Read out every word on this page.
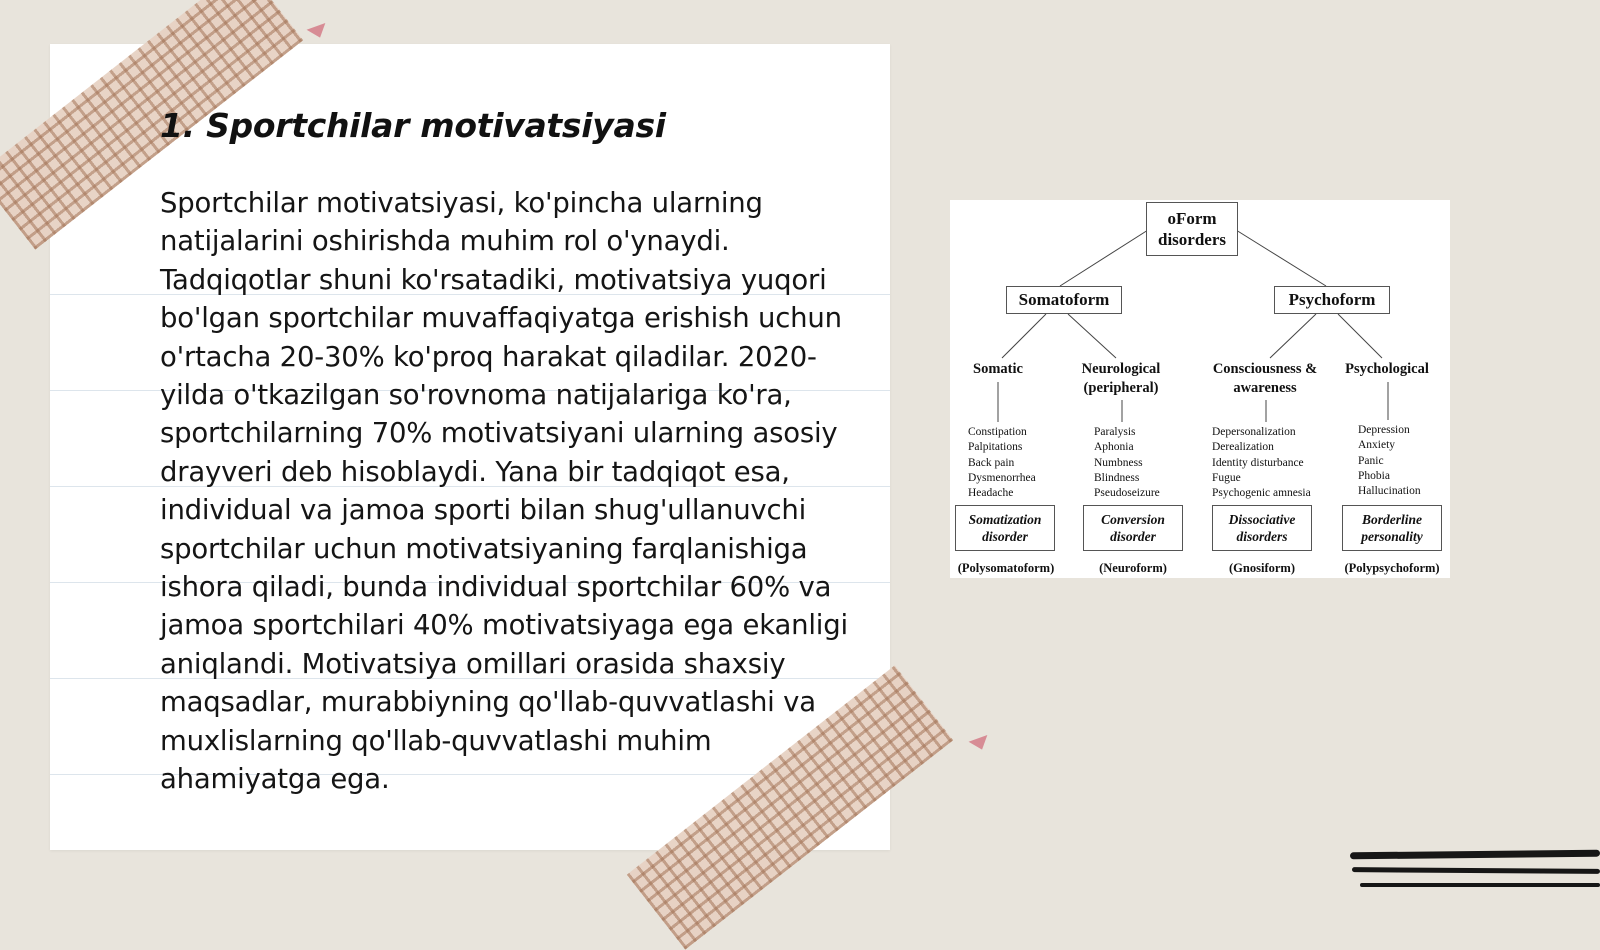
1. Sportchilar motivatsiyasi

Sportchilar motivatsiyasi, ko'pincha ularning natijalarini oshirishda muhim rol o'ynaydi. Tadqiqotlar shuni ko'rsatadiki, motivatsiya yuqori bo'lgan sportchilar muvaffaqiyatga erishish uchun o'rtacha 20-30% ko'proq harakat qiladilar. 2020-yilda o'tkazilgan so'rovnoma natijalariga ko'ra, sportchilarning 70% motivatsiyani ularning asosiy drayveri deb hisoblaydi. Yana bir tadqiqot esa, individual va jamoa sporti bilan shug'ullanuvchi sportchilar uchun motivatsiyaning farqlanishiga ishora qiladi, bunda individual sportchilar 60% va jamoa sportchilari 40% motivatsiyaga ega ekanligi aniqlandi. Motivatsiya omillari orasida shaxsiy maqsadlar, murabbiyning qo'llab-quvvatlashi va muxlislarning qo'llab-quvvatlashi muhim ahamiyatga ega.

oForm disorders
Somatoform	Psychoform
Somatic	Neurological (peripheral)
Consciousness & awareness
Psychological
Constipation
Palpitations
Back pain
Dysmenorrhea
Headache
Paralysis
Aphonia
Numbness
Blindness
Pseudoseizure
Depersonalization
Derealization
Identity disturbance
Fugue
Psychogenic amnesia
Depression
Anxiety
Panic
Phobia
Hallucination
Somatization disorder
Conversion disorder
Dissociative disorders
Borderline personality
(Polysomatoform)	(Neuroform)	(Gnosiform)	(Polypsychoform)
